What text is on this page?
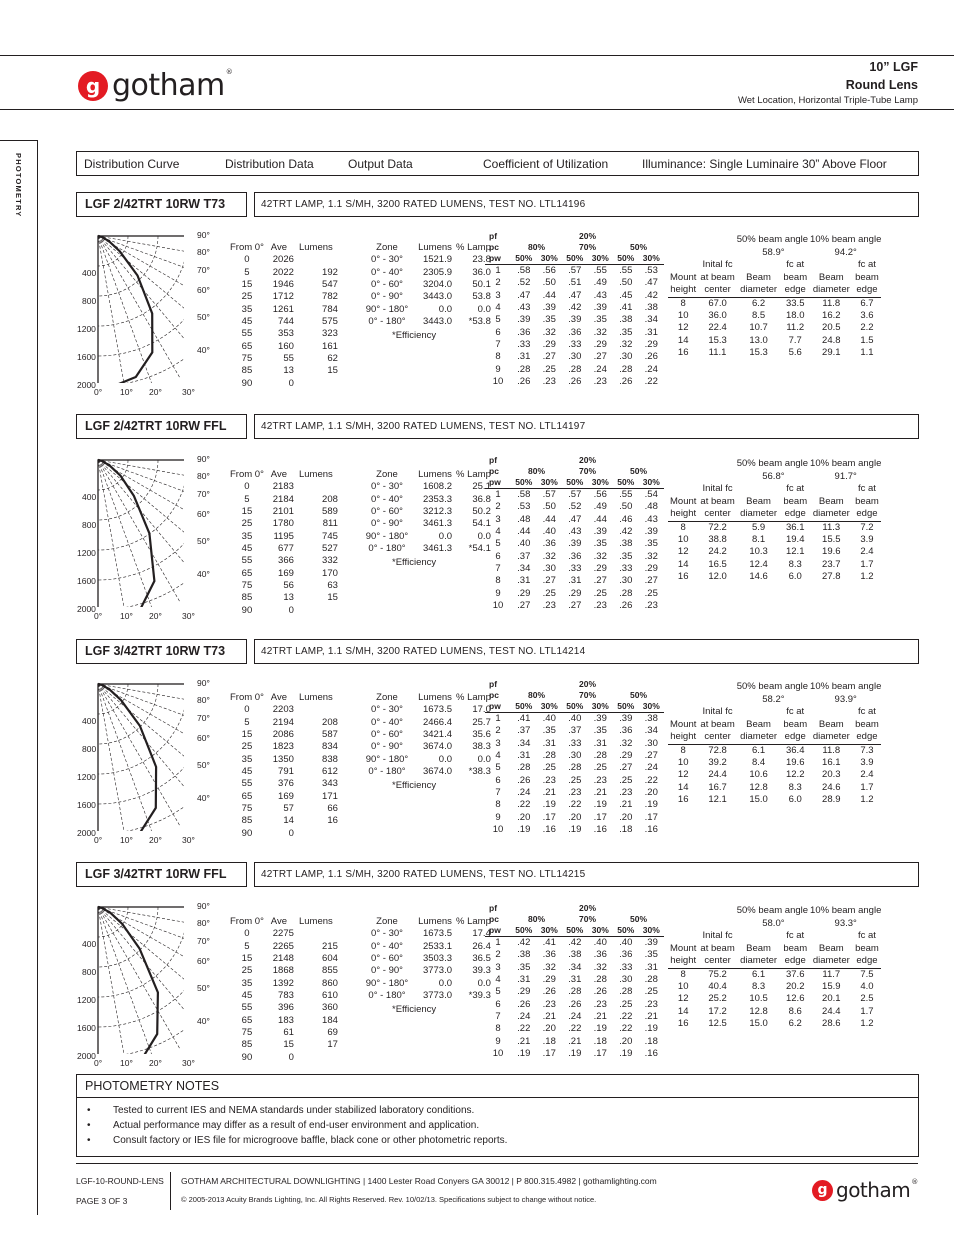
g gotham®	10” LGF
Round Lens
Wet Location, Horizontal Triple-Tube Lamp
PHOTOMETRY	Distribution Curve	Distribution Data	Output Data	Coefficient of Utilization	Illuminance: Single Luminaire 30” Above Floor
LGF 2/42TRT 10RW T73	42TRT LAMP, 1.1 S/MH, 3200 RATED LUMENS, TEST NO. LTL14196
90°
80°
70°
60°
50°
40°
400
800
1200
1600
2000
0° 10° 20° 30°
From 0°	Ave	Lumens
0	2026	
5	2022	192
15	1946	547
25	1712	782
35	1261	784
45	744	575
55	353	323
65	160	161
75	55	62
85	13	15
90	0	
Zone	Lumens	% Lamp
0° - 30°	1521.9	23.8
0° - 40°	2305.9	36.0
0° - 60°	3204.0	50.1
0° - 90°	3443.0	53.8
90° - 180°	0.0	0.0
0° - 180°	3443.0	*53.8
*Efficiency
pf	20%					
pc	80%		70%		50%	
pw	50%	30%	50%	30%	50%	30%
1	.58	.56	.57	.55	.55	.53
2	.52	.50	.51	.49	.50	.47
3	.47	.44	.47	.43	.45	.42
4	.43	.39	.42	.39	.41	.38
5	.39	.35	.39	.35	.38	.34
6	.36	.32	.36	.32	.35	.31
7	.33	.29	.33	.29	.32	.29
8	.31	.27	.30	.27	.30	.26
9	.28	.25	.28	.24	.28	.24
10	.26	.23	.26	.23	.26	.22
		50% beam angle		10% beam angle	
		58.9°		94.2°	
	Inital fc		fc at		fc at
Mount	at beam	Beam	beam	Beam	beam
height	center	diameter	edge	diameter	edge
8	67.0	6.2	33.5	11.8	6.7
10	36.0	8.5	18.0	16.2	3.6
12	22.4	10.7	11.2	20.5	2.2
14	15.3	13.0	7.7	24.8	1.5
16	11.1	15.3	5.6	29.1	1.1
LGF 2/42TRT 10RW FFL	42TRT LAMP, 1.1 S/MH, 3200 RATED LUMENS, TEST NO. LTL14197
90°
80°
70°
60°
50°
40°
400
800
1200
1600
2000
0° 10° 20° 30°
From 0°	Ave	Lumens
0	2183	
5	2184	208
15	2101	589
25	1780	811
35	1195	745
45	677	527
55	366	332
65	169	170
75	56	63
85	13	15
90	0	
Zone	Lumens	% Lamp
0° - 30°	1608.2	25.1
0° - 40°	2353.3	36.8
0° - 60°	3212.3	50.2
0° - 90°	3461.3	54.1
90° - 180°	0.0	0.0
0° - 180°	3461.3	*54.1
*Efficiency
pf	20%					
pc	80%		70%		50%	
pw	50%	30%	50%	30%	50%	30%
1	.58	.57	.57	.56	.55	.54
2	.53	.50	.52	.49	.50	.48
3	.48	.44	.47	.44	.46	.43
4	.44	.40	.43	.39	.42	.39
5	.40	.36	.39	.35	.38	.35
6	.37	.32	.36	.32	.35	.32
7	.34	.30	.33	.29	.33	.29
8	.31	.27	.31	.27	.30	.27
9	.29	.25	.29	.25	.28	.25
10	.27	.23	.27	.23	.26	.23
		50% beam angle		10% beam angle	
		56.8°		91.7°	
	Inital fc		fc at		fc at
Mount	at beam	Beam	beam	Beam	beam
height	center	diameter	edge	diameter	edge
8	72.2	5.9	36.1	11.3	7.2
10	38.8	8.1	19.4	15.5	3.9
12	24.2	10.3	12.1	19.6	2.4
14	16.5	12.4	8.3	23.7	1.7
16	12.0	14.6	6.0	27.8	1.2
LGF 3/42TRT 10RW T73	42TRT LAMP, 1.1 S/MH, 3200 RATED LUMENS, TEST NO. LTL14214
90°
80°
70°
60°
50°
40°
400
800
1200
1600
2000
0° 10° 20° 30°
From 0°	Ave	Lumens
0	2203	
5	2194	208
15	2086	587
25	1823	834
35	1350	838
45	791	612
55	376	343
65	169	171
75	57	66
85	14	16
90	0	
Zone	Lumens	% Lamp
0° - 30°	1673.5	17.0
0° - 40°	2466.4	25.7
0° - 60°	3421.4	35.6
0° - 90°	3674.0	38.3
90° - 180°	0.0	0.0
0° - 180°	3674.0	*38.3
*Efficiency
pf	20%					
pc	80%		70%		50%	
pw	50%	30%	50%	30%	50%	30%
1	.41	.40	.40	.39	.39	.38
2	.37	.35	.37	.35	.36	.34
3	.34	.31	.33	.31	.32	.30
4	.31	.28	.30	.28	.29	.27
5	.28	.25	.28	.25	.27	.24
6	.26	.23	.25	.23	.25	.22
7	.24	.21	.23	.21	.23	.20
8	.22	.19	.22	.19	.21	.19
9	.20	.17	.20	.17	.20	.17
10	.19	.16	.19	.16	.18	.16
		50% beam angle		10% beam angle	
		58.2°		93.9°	
	Inital fc		fc at		fc at
Mount	at beam	Beam	beam	Beam	beam
height	center	diameter	edge	diameter	edge
8	72.8	6.1	36.4	11.8	7.3
10	39.2	8.4	19.6	16.1	3.9
12	24.4	10.6	12.2	20.3	2.4
14	16.7	12.8	8.3	24.6	1.7
16	12.1	15.0	6.0	28.9	1.2
LGF 3/42TRT 10RW FFL	42TRT LAMP, 1.1 S/MH, 3200 RATED LUMENS, TEST NO. LTL14215
90°
80°
70°
60°
50°
40°
400
800
1200
1600
2000
0° 10° 20° 30°
From 0°	Ave	Lumens
0	2275	
5	2265	215
15	2148	604
25	1868	855
35	1392	860
45	783	610
55	396	360
65	183	184
75	61	69
85	15	17
90	0	
Zone	Lumens	% Lamp
0° - 30°	1673.5	17.4
0° - 40°	2533.1	26.4
0° - 60°	3503.3	36.5
0° - 90°	3773.0	39.3
90° - 180°	0.0	0.0
0° - 180°	3773.0	*39.3
*Efficiency
pf	20%					
pc	80%		70%		50%	
pw	50%	30%	50%	30%	50%	30%
1	.42	.41	.42	.40	.40	.39
2	.38	.36	.38	.36	.36	.35
3	.35	.32	.34	.32	.33	.31
4	.31	.29	.31	.28	.30	.28
5	.29	.26	.28	.26	.28	.25
6	.26	.23	.26	.23	.25	.23
7	.24	.21	.24	.21	.22	.21
8	.22	.20	.22	.19	.22	.19
9	.21	.18	.21	.18	.20	.18
10	.19	.17	.19	.17	.19	.16
		50% beam angle		10% beam angle	
		58.0°		93.3°	
	Inital fc		fc at		fc at
Mount	at beam	Beam	beam	Beam	beam
height	center	diameter	edge	diameter	edge
8	75.2	6.1	37.6	11.7	7.5
10	40.4	8.3	20.2	15.9	4.0
12	25.2	10.5	12.6	20.1	2.5
14	17.2	12.8	8.6	24.4	1.7
16	12.5	15.0	6.2	28.6	1.2
PHOTOMETRY NOTES
• Tested to current IES and NEMA standards under stabilized laboratory conditions.
• Actual performance may differ as a result of end-user environment and application.
• Consult factory or IES file for microgroove baffle, black cone or other photometric reports.
LGF-10-ROUND-LENS
PAGE 3 OF 3
GOTHAM ARCHITECTURAL DOWNLIGHTING | 1400 Lester Road Conyers GA 30012 | P 800.315.4982 | gothamlighting.com
© 2005-2013 Acuity Brands Lighting, Inc. All Rights Reserved. Rev. 10/02/13. Specifications subject to change without notice.
g gotham®
